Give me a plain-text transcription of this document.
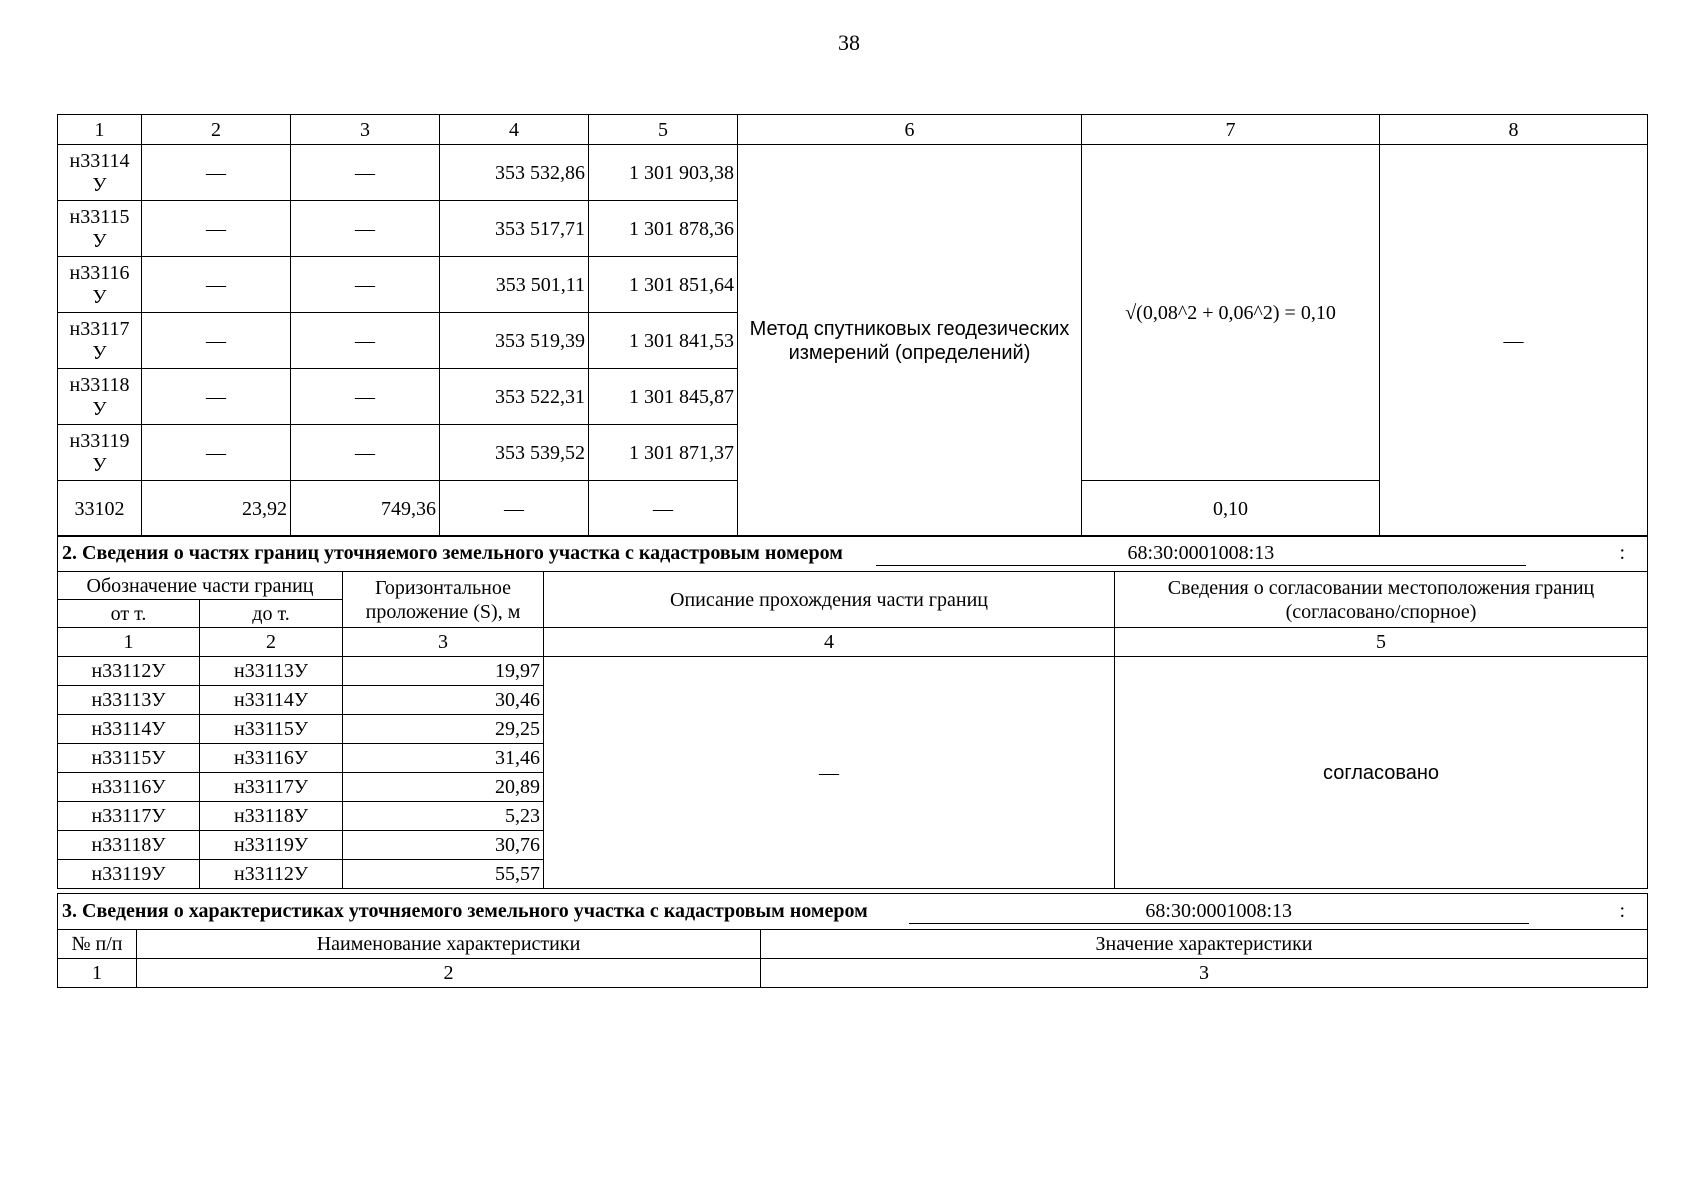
38
1	2	3	4	5	6	7	8
н33114 У	—	—	353 532,86	1 301 903,38	Метод спутниковых геодезических измерений (определений)	√(0,08^2 + 0,06^2) = 0,10	—
н33115 У	—	—	353 517,71	1 301 878,36			
н33116 У	—	—	353 501,11	1 301 851,64			
н33117 У	—	—	353 519,39	1 301 841,53			
н33118 У	—	—	353 522,31	1 301 845,87			
н33119 У	—	—	353 539,52	1 301 871,37			
33102	23,92	749,36	—	—		0,10	
2. Сведения о частях границ уточняемого земельного участка с кадастровым номером 68:30:0001008:13 :				

Обозначение части границ		Горизонтальное проложение (S), м	Описание прохождения части границ	Сведения о согласовании местоположения границ (согласовано/спорное)
от т.	до т.			
1	2	3	4	5
н33112У	н33113У	19,97	—	согласовано
н33113У	н33114У	30,46		
н33114У	н33115У	29,25		
н33115У	н33116У	31,46		
н33116У	н33117У	20,89		
н33117У	н33118У	5,23		
н33118У	н33119У	30,76		
н33119У	н33112У	55,57		
3. Сведения о характеристиках уточняемого земельного участка с кадастровым номером 68:30:0001008:13 :		

№ п/п	Наименование характеристики	Значение характеристики
1	2	3
